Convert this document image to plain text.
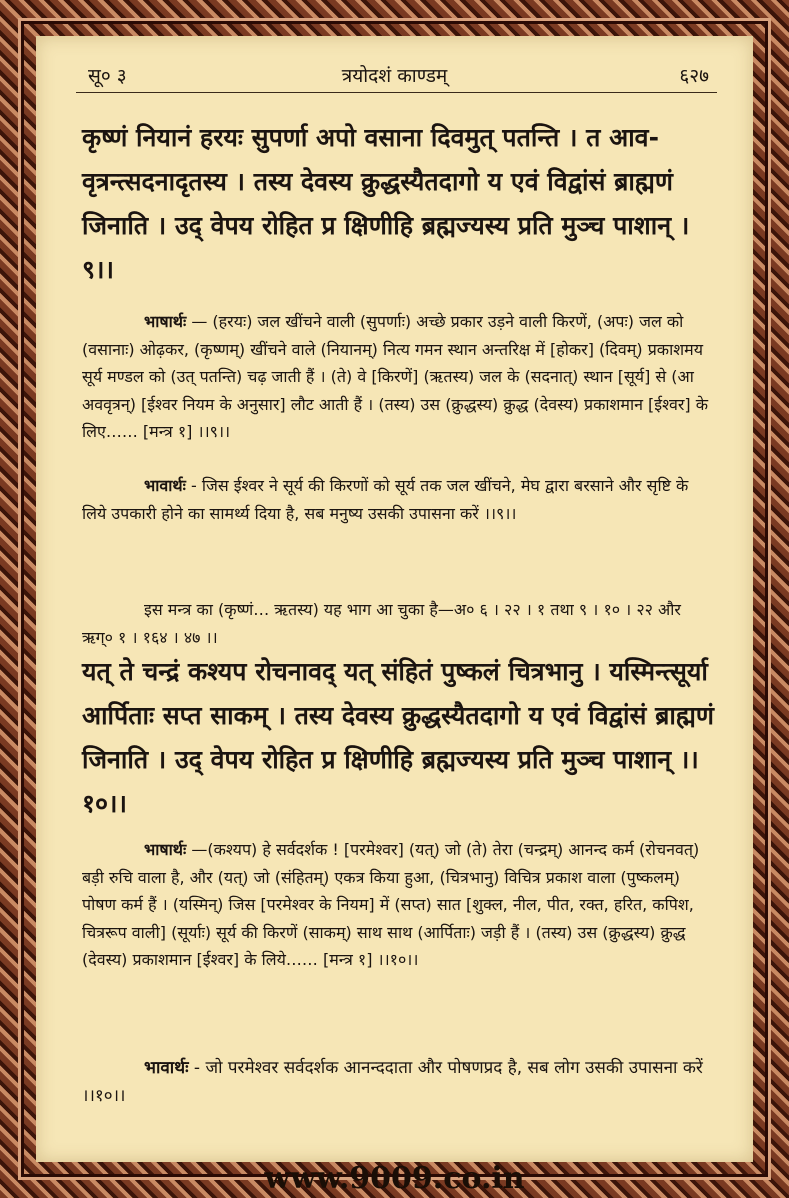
सू० ३	त्रयोदशं काण्डम्	६२७
कृष्णं नियानं हरयः सुपर्णा अपो वसाना दिवमुत् पतन्ति । त आव- वृत्रन्त्सदनादृतस्य । तस्य देवस्य क्रुद्धस्यैतदागो य एवं विद्वांसं ब्राह्मणं जिनाति । उद् वेपय रोहित प्र क्षिणीहि ब्रह्मज्यस्य प्रति मुञ्च पाशान् । ९।।
भाषार्थः — (हरयः) जल खींचने वाली (सुपर्णाः) अच्छे प्रकार उड़ने वाली किरणें, (अपः) जल को (वसानाः) ओढ़कर, (कृष्णम्) खींचने वाले (नियानम्) नित्य गमन स्थान अन्तरिक्ष में [होकर] (दिवम्) प्रकाशमय सूर्य मण्डल को (उत् पतन्ति) चढ़ जाती हैं । (ते) वे [किरणें] (ऋतस्य) जल के (सदनात्) स्थान [सूर्य] से (आ अववृत्रन्) [ईश्वर नियम के अनुसार] लौट आती हैं । (तस्य) उस (क्रुद्धस्य) क्रुद्ध (देवस्य) प्रकाशमान [ईश्वर] के लिए…… [मन्त्र १] ।।९।।
भावार्थः - जिस ईश्वर ने सूर्य की किरणों को सूर्य तक जल खींचने, मेघ द्वारा बरसाने और सृष्टि के लिये उपकारी होने का सामर्थ्य दिया है, सब मनुष्य उसकी उपासना करें ।।९।।
इस मन्त्र का (कृष्णं… ऋतस्य) यह भाग आ चुका है—अ० ६ । २२ । १ तथा ९ । १० । २२ और ऋग्० १ । १६४ । ४७ ।।
यत् ते चन्द्रं कश्यप रोचनावद् यत् संहितं पुष्कलं चित्रभानु । यस्मिन्त्सूर्या आर्पिताः सप्त साकम् । तस्य देवस्य क्रुद्धस्यैतदागो य एवं विद्वांसं ब्राह्मणं जिनाति । उद् वेपय रोहित प्र क्षिणीहि ब्रह्मज्यस्य प्रति मुञ्च पाशान् ।।१०।।
भाषार्थः —(कश्यप) हे सर्वदर्शक ! [परमेश्वर] (यत्) जो (ते) तेरा (चन्द्रम्) आनन्द कर्म (रोचनवत्) बड़ी रुचि वाला है, और (यत्) जो (संहितम्) एकत्र किया हुआ, (चित्रभानु) विचित्र प्रकाश वाला (पुष्कलम्) पोषण कर्म हैं । (यस्मिन्) जिस [परमेश्वर के नियम] में (सप्त) सात [शुक्ल, नील, पीत, रक्त, हरित, कपिश, चित्ररूप वाली] (सूर्याः) सूर्य की किरणें (साकम्) साथ साथ (आर्पिताः) जड़ी हैं । (तस्य) उस (क्रुद्धस्य) क्रुद्ध (देवस्य) प्रकाशमान [ईश्वर] के लिये…… [मन्त्र १] ।।१०।।
भावार्थः - जो परमेश्वर सर्वदर्शक आनन्ददाता और पोषणप्रद है, सब लोग उसकी उपासना करें ।।१०।।
www.9009.co.in
